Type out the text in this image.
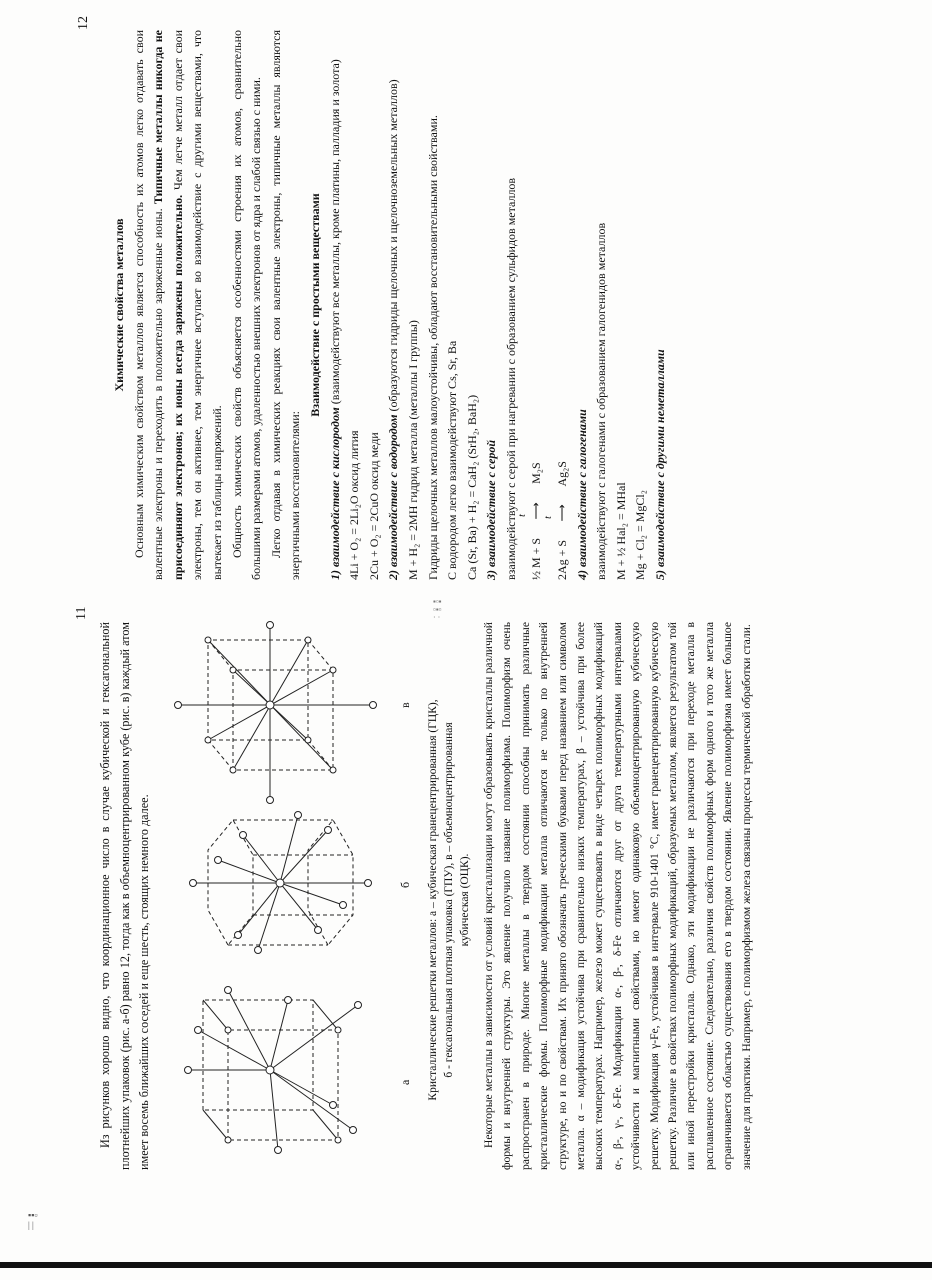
11

Из рисунков хорошо видно, что координационное число в случае кубической и гексагональной плотнейших упаковок (рис. а-б) равно 12, тогда как в объемноцентрированном кубе (рис. в) каждый атом имеет восемь ближайших соседей и еще шесть, стоящих немного далее.	а
б
в	Кристаллические решетки металлов: а – кубическая гранецентрированная (ГЦК), б - гексагональная плотная упаковка (ГПУ), в – объемноцентрированная кубическая (ОЦК). Некоторые металлы в зависимости от условий кристаллизации могут образовывать кристаллы различной формы и внутренней структуры. Это явление получило название полиморфизма. Полиморфизм очень распространен в природе. Многие металлы в твердом состоянии способны принимать различные кристаллические формы. Полиморфные модификации металла отличаются не только по внутренней структуре, но и по свойствам. Их принято обозначать греческими буквами перед названием или символом металла. α – модификация устойчива при сравнительно низких температурах, β – устойчива при более высоких температурах. Например, железо может существовать в виде четырех полиморфных модификаций α-, β-, γ-, δ-Fe. Модификации α-, β-, δ-Fe отличаются друг от друга температурными интервалами устойчивости и магнитными свойствами, но имеют одинаковую объемноцентрированную кубическую решетку. Модификация γ-Fe, устойчивая в интервале 910-1401 °С, имеет гранецентрированную кубическую решетку. Различие в свойствах полиморфных модификаций, образуемых металлом, является результатом той или иной перестройки кристалла. Однако, эти модификации не различаются при переходе металла в расплавленное состояние. Следовательно, различия свойств полиморфных форм одного и того же металла ограничивается областью существования его в твердом состоянии. Явление полиморфизма имеет большое значение для практики. Например, с полиморфизмом железа связаны процессы термической обработки стали.

12

Химические свойства металлов Основным химическим свойством металлов является способность их атомов легко отдавать свои валентные электроны и переходить в положительно заряженные ионы. Типичные металлы никогда не присоединяют электронов; их ионы всегда заряжены положительно. Чем легче металл отдает свои электроны, тем он активнее, тем энергичнее вступает во взаимодействие с другими веществами, что вытекает из таблицы напряжений. Общность химических свойств объясняется особенностями строения их атомов, сравнительно большими размерами атомов, удаленностью внешних электронов от ядра и слабой связью с ними. Легко отдавая в химических реакциях свои валентные электроны, типичные металлы являются энергичными восстановителями:

Взаимодействие с простыми веществами

1) взаимодействие с кислородом (взаимодействуют все металлы, кроме платины, палладия и золота)

4Li + O₂ = 2Li₂O оксид лития 2Cu + O₂ = 2CuO оксид меди 2) взаимодействие с водородом (образуются гидриды щелочных и щелочноземельных металлов)

M + H₂ = 2MH гидрид металла (металлы I группы) Гидриды щелочных металлов малоустойчивы, обладают восстановительными свойствами. С водородом легко взаимодействуют Cs, Sr, Ba Ca (Sr, Ba) + H₂ = CaH₂ (SrH₂, BaH₂) 3) взаимодействие с серой взаимодействуют с серой при нагревании с образованием сульфидов металлов ½ M + S
t ⟶ M₂S

2Ag + S
t ⟶ Ag₂S 4) взаимодействие с галогенами взаимодействуют с галогенами с образованием галогенидов металлов M + ½ Hal₂ = MHal Mg + Cl₂ = MgCl₂ 5) взаимодействие с другими неметаллами

▪▫▪
▫▪▫
· ·
▪▪▫
| |
